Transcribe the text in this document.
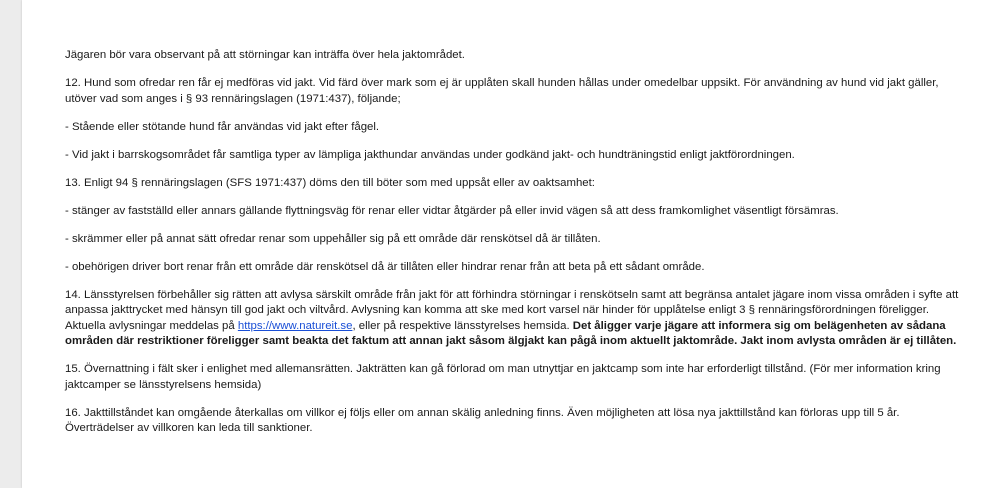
Jägaren bör vara observant på att störningar kan inträffa över hela jaktområdet.

12. Hund som ofredar ren får ej medföras vid jakt. Vid färd över mark som ej är upplåten skall hunden hållas under omedelbar uppsikt. För användning av hund vid jakt gäller, utöver vad som anges i § 93 rennäringslagen (1971:437), följande;

- Stående eller stötande hund får användas vid jakt efter fågel.

- Vid jakt i barrskogsområdet får samtliga typer av lämpliga jakthundar användas under godkänd jakt- och hundträningstid enligt jaktförordningen.

13. Enligt 94 § rennäringslagen (SFS 1971:437) döms den till böter som med uppsåt eller av oaktsamhet:

- stänger av fastställd eller annars gällande flyttningsväg för renar eller vidtar åtgärder på eller invid vägen så att dess framkomlighet väsentligt försämras.

- skrämmer eller på annat sätt ofredar renar som uppehåller sig på ett område där renskötsel då är tillåten.

- obehörigen driver bort renar från ett område där renskötsel då är tillåten eller hindrar renar från att beta på ett sådant område.

14. Länsstyrelsen förbehåller sig rätten att avlysa särskilt område från jakt för att förhindra störningar i renskötseln samt att begränsa antalet jägare inom vissa områden i syfte att anpassa jakttrycket med hänsyn till god jakt och viltvård. Avlysning kan komma att ske med kort varsel när hinder för upplåtelse enligt 3 § rennäringsförordningen föreligger. Aktuella avlysningar meddelas på https://www.natureit.se, eller på respektive länsstyrelses hemsida. Det åligger varje jägare att informera sig om belägenheten av sådana områden där restriktioner föreligger samt beakta det faktum att annan jakt såsom älgjakt kan pågå inom aktuellt jaktområde. Jakt inom avlysta områden är ej tillåten.

15. Övernattning i fält sker i enlighet med allemansrätten. Jakträtten kan gå förlorad om man utnyttjar en jaktcamp som inte har erforderligt tillstånd. (För mer information kring jaktcamper se länsstyrelsens hemsida)

16. Jakttillståndet kan omgående återkallas om villkor ej följs eller om annan skälig anledning finns. Även möjligheten att lösa nya jakttillstånd kan förloras upp till 5 år. Överträdelser av villkoren kan leda till sanktioner.
